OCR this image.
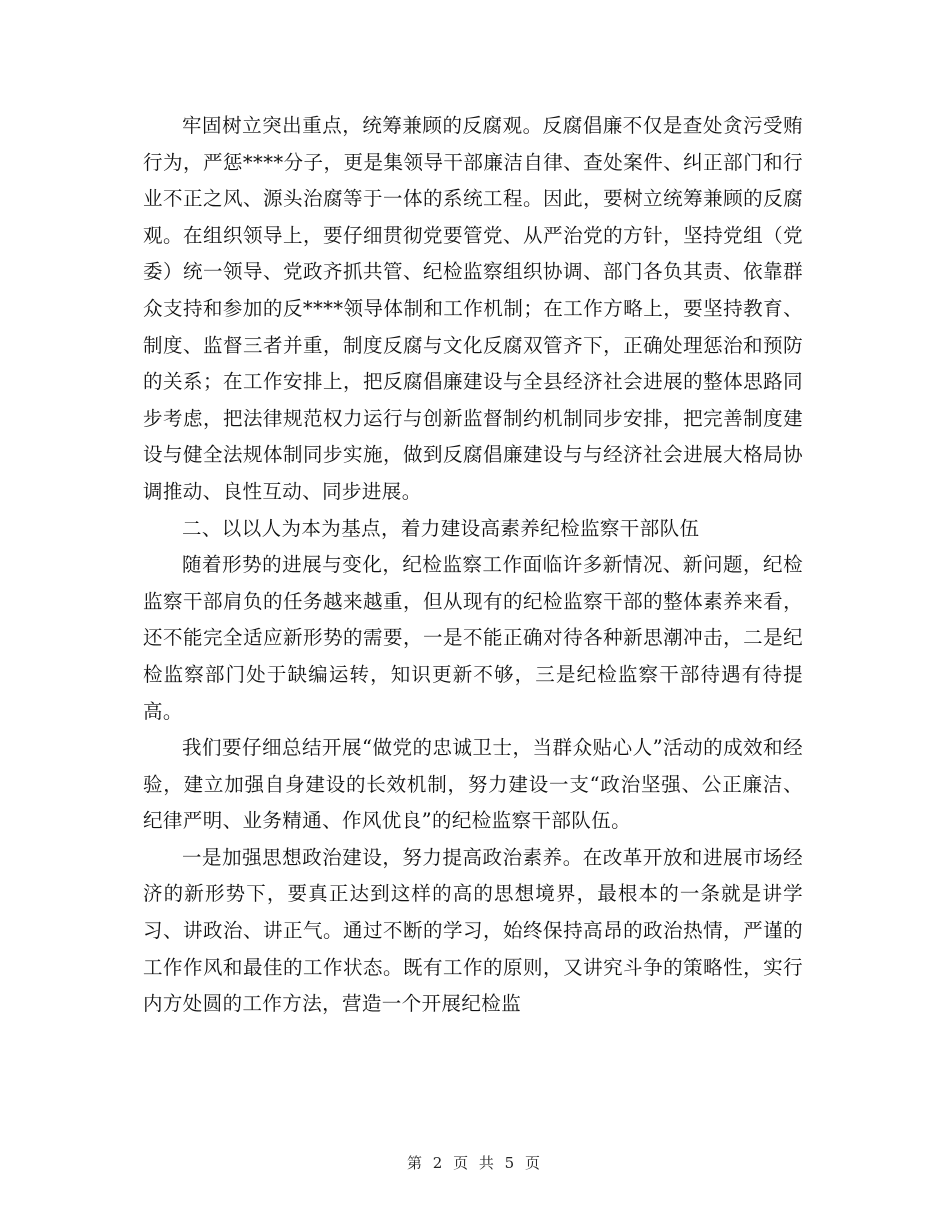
牢固树立突出重点，统筹兼顾的反腐观。反腐倡廉不仅是查处贪污受贿行为，严惩****分子，更是集领导干部廉洁自律、查处案件、纠正部门和行业不正之风、源头治腐等于一体的系统工程。因此，要树立统筹兼顾的反腐观。在组织领导上，要仔细贯彻党要管党、从严治党的方针，坚持党组（党委）统一领导、党政齐抓共管、纪检监察组织协调、部门各负其责、依靠群众支持和参加的反****领导体制和工作机制；在工作方略上，要坚持教育、制度、监督三者并重，制度反腐与文化反腐双管齐下，正确处理惩治和预防的关系；在工作安排上，把反腐倡廉建设与全县经济社会进展的整体思路同步考虑，把法律规范权力运行与创新监督制约机制同步安排，把完善制度建设与健全法规体制同步实施，做到反腐倡廉建设与与经济社会进展大格局协调推动、良性互动、同步进展。

二、以以人为本为基点，着力建设高素养纪检监察干部队伍

随着形势的进展与变化，纪检监察工作面临许多新情况、新问题，纪检监察干部肩负的任务越来越重，但从现有的纪检监察干部的整体素养来看，还不能完全适应新形势的需要，一是不能正确对待各种新思潮冲击，二是纪检监察部门处于缺编运转，知识更新不够，三是纪检监察干部待遇有待提高。

我们要仔细总结开展“做党的忠诚卫士，当群众贴心人”活动的成效和经验，建立加强自身建设的长效机制，努力建设一支“政治坚强、公正廉洁、纪律严明、业务精通、作风优良”的纪检监察干部队伍。

一是加强思想政治建设，努力提高政治素养。在改革开放和进展市场经济的新形势下，要真正达到这样的高的思想境界，最根本的一条就是讲学习、讲政治、讲正气。通过不断的学习，始终保持高昂的政治热情，严谨的工作作风和最佳的工作状态。既有工作的原则，又讲究斗争的策略性，实行内方处圆的工作方法，营造一个开展纪检监

第 2 页 共 5 页
